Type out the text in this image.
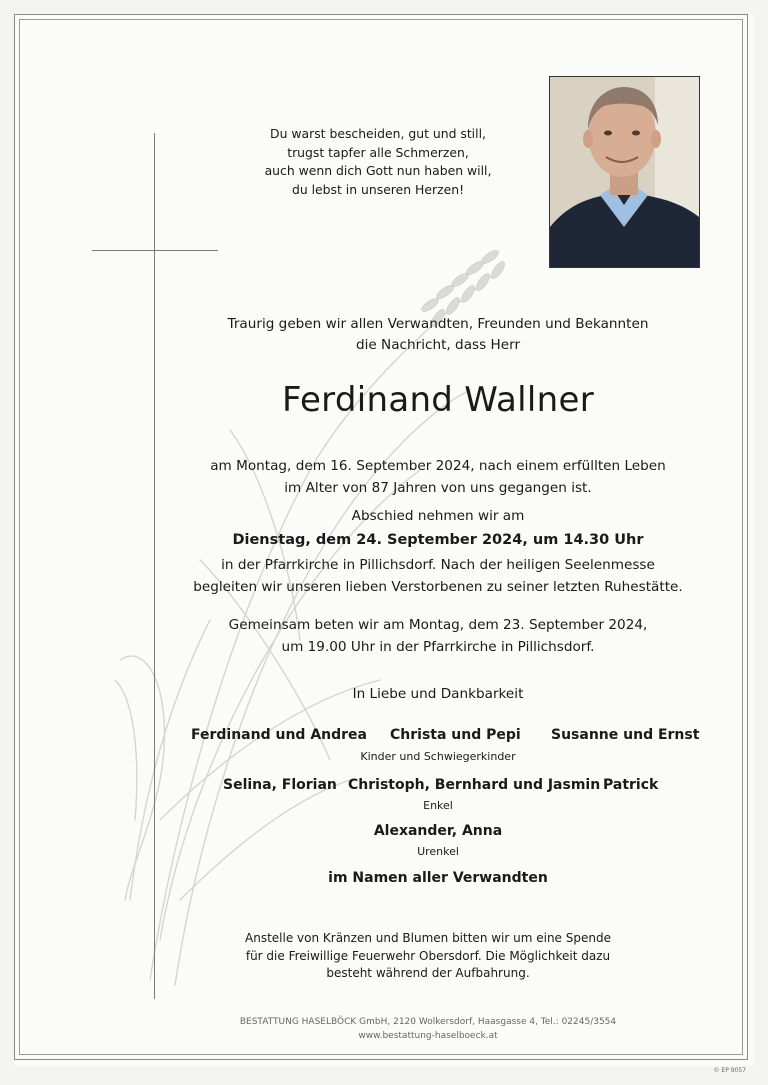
Du warst bescheiden, gut und still,
trugst tapfer alle Schmerzen,
auch wenn dich Gott nun haben will,
du lebst in unseren Herzen!
Traurig geben wir allen Verwandten, Freunden und Bekannten
die Nachricht, dass Herr
Ferdinand Wallner
am Montag, dem 16. September 2024, nach einem erfüllten Leben
im Alter von 87 Jahren von uns gegangen ist.
Abschied nehmen wir am
Dienstag, dem 24. September 2024, um 14.30 Uhr
in der Pfarrkirche in Pillichsdorf. Nach der heiligen Seelenmesse
begleiten wir unseren lieben Verstorbenen zu seiner letzten Ruhestätte.
Gemeinsam beten wir am Montag, dem 23. September 2024,
um 19.00 Uhr in der Pfarrkirche in Pillichsdorf.
In Liebe und Dankbarkeit
Ferdinand und Andrea Christa und Pepi Susanne und Ernst
Kinder und Schwiegerkinder
Selina, Florian Christoph, Bernhard und Jasmin Patrick
Enkel
Alexander, Anna
Urenkel
im Namen aller Verwandten
Anstelle von Kränzen und Blumen bitten wir um eine Spende
für die Freiwillige Feuerwehr Obersdorf. Die Möglichkeit dazu
besteht während der Aufbahrung.
BESTATTUNG HASELBÖCK GmbH, 2120 Wolkersdorf, Haasgasse 4, Tel.: 02245/3554
www.bestattung-haselboeck.at
© EP 9057
